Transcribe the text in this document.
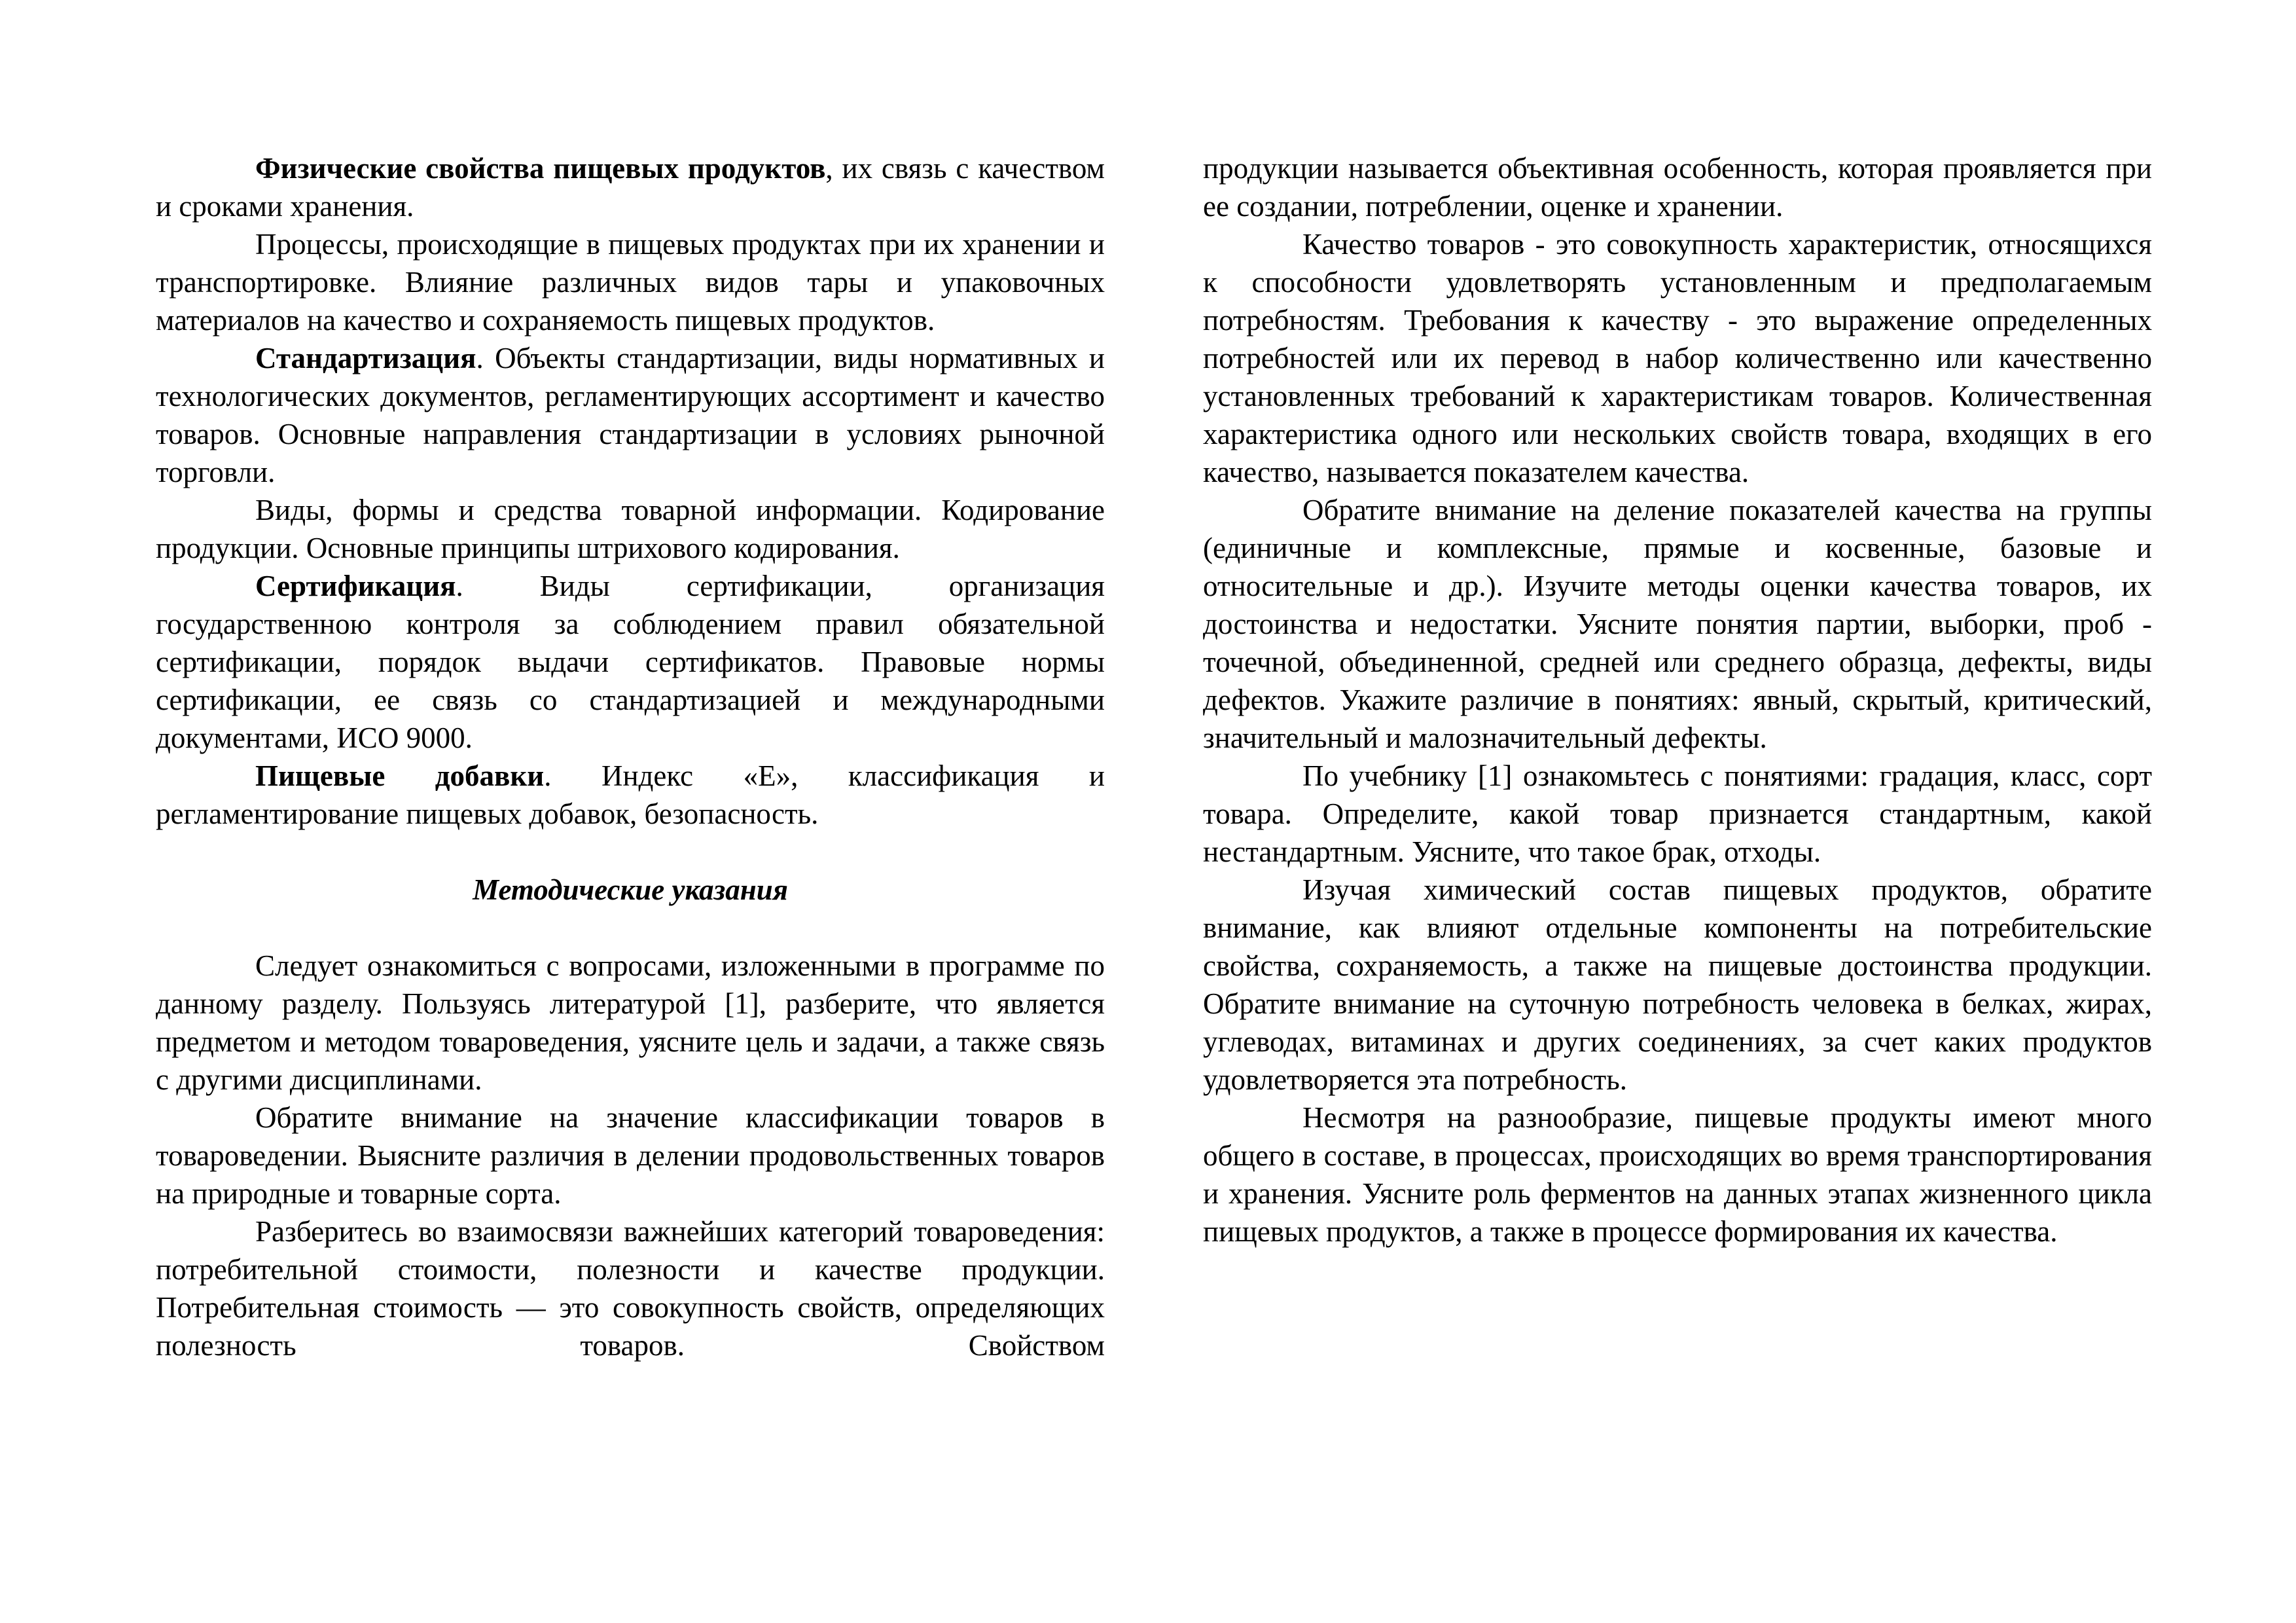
Физические свойства пищевых продуктов, их связь с качеством и сроками хранения.

Процессы, происходящие в пищевых продуктах при их хранении и транспортировке. Влияние различных видов тары и упаковочных материалов на качество и сохраняемость пищевых продуктов.

Стандартизация. Объекты стандартизации, виды нормативных и технологических документов, регламентирующих ассортимент и качество товаров. Основные направления стандартизации в условиях рыночной торговли.

Виды, формы и средства товарной информации. Кодирование продукции. Основные принципы штрихового кодирования.

Сертификация. Виды сертификации, организация государственною контроля за соблюдением правил обязательной сертификации, порядок выдачи сертификатов. Правовые нормы сертификации, ее связь со стандартизацией и международными документами, ИСО 9000.

Пищевые добавки. Индекс «Е», классификация и регламентирование пищевых добавок, безопасность.

Методические указания

Следует ознакомиться с вопросами, изложенными в программе по данному разделу. Пользуясь литературой [1], разберите, что является предметом и методом товароведения, уясните цель и задачи, а также связь с другими дисциплинами.

Обратите внимание на значение классификации товаров в товароведении. Выясните различия в делении продовольственных товаров на природные и товарные сорта.

Разберитесь во взаимосвязи важнейших категорий товароведения: потребительной стоимости, полезности и качестве продукции. Потребительная стоимость — это совокупность свойств, определяющих полезность товаров. Свойством

продукции называется объективная особенность, которая проявляется при ее создании, потреблении, оценке и хранении.

Качество товаров - это совокупность характеристик, относящихся к способности удовлетворять установленным и предполагаемым потребностям. Требования к качеству - это выражение определенных потребностей или их перевод в набор количественно или качественно установленных требований к характеристикам товаров. Количественная характеристика одного или нескольких свойств товара, входящих в его качество, называется показателем качества.

Обратите внимание на деление показателей качества на группы (единичные и комплексные, прямые и косвенные, базовые и относительные и др.). Изучите методы оценки качества товаров, их достоинства и недостатки. Уясните понятия партии, выборки, проб - точечной, объединенной, средней или среднего образца, дефекты, виды дефектов. Укажите различие в понятиях: явный, скрытый, критический, значительный и малозначительный дефекты.

По учебнику [1] ознакомьтесь с понятиями: градация, класс, сорт товара. Определите, какой товар признается стандартным, какой нестандартным. Уясните, что такое брак, отходы.

Изучая химический состав пищевых продуктов, обратите внимание, как влияют отдельные компоненты на потребительские свойства, сохраняемость, а также на пищевые достоинства продукции. Обратите внимание на суточную потребность человека в белках, жирах, углеводах, витаминах и других соединениях, за счет каких продуктов удовлетворяется эта потребность.

Несмотря на разнообразие, пищевые продукты имеют много общего в составе, в процессах, происходящих во время транспортирования и хранения. Уясните роль ферментов на данных этапах жизненного цикла пищевых продуктов, а также в процессе формирования их качества.
